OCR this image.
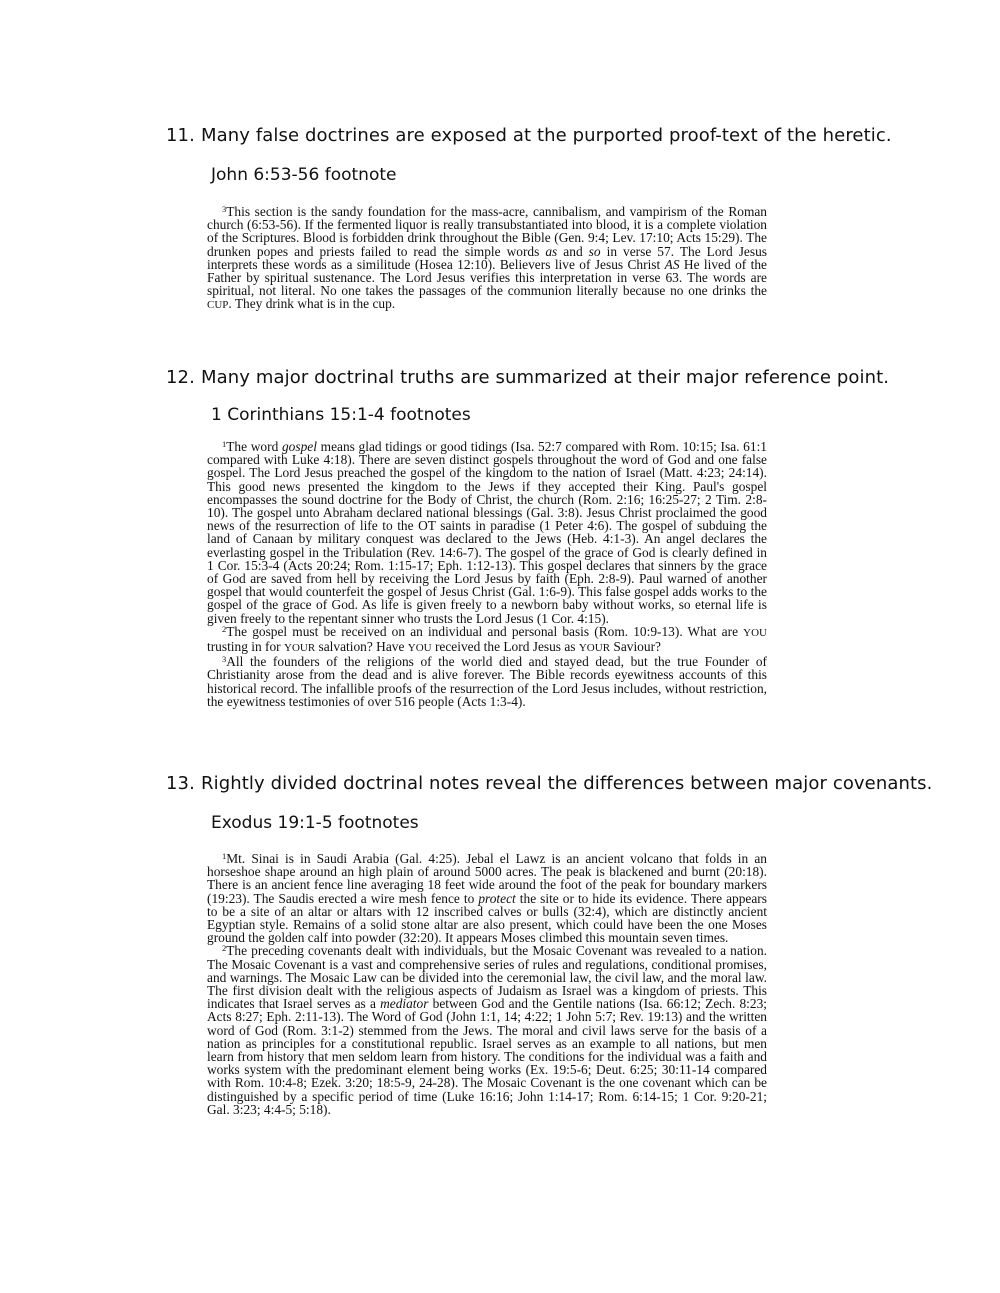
11. Many false doctrines are exposed at the purported proof-text of the heretic.
John 6:53-56 footnote

$^3$This section is the sandy foundation for the mass-acre, cannibalism, and vampirism of the Roman church (6:53-56). If the fermented liquor is really transubstantiated into blood, it is a complete violation of the Scriptures. Blood is forbidden drink throughout the Bible (Gen. 9:4; Lev. 17:10; Acts 15:29). The drunken popes and priests failed to read the simple words as and so in verse 57. The Lord Jesus interprets these words as a similitude (Hosea 12:10). Believers live of Jesus Christ AS He lived of the Father by spiritual sustenance. The Lord Jesus verifies this interpretation in verse 63. The words are spiritual, not literal. No one takes the passages of the communion literally because no one drinks the CUP. They drink what is in the cup.

12. Many major doctrinal truths are summarized at their major reference point.
1 Corinthians 15:1-4 footnotes

$^1$The word gospel means glad tidings or good tidings (Isa. 52:7 compared with Rom. 10:15; Isa. 61:1 compared with Luke 4:18). There are seven distinct gospels throughout the word of God and one false gospel. The Lord Jesus preached the gospel of the kingdom to the nation of Israel (Matt. 4:23; 24:14). This good news presented the kingdom to the Jews if they accepted their King. Paul's gospel encompasses the sound doctrine for the Body of Christ, the church (Rom. 2:16; 16:25-27; 2 Tim. 2:8-10). The gospel unto Abraham declared national blessings (Gal. 3:8). Jesus Christ proclaimed the good news of the resurrection of life to the OT saints in paradise (1 Peter 4:6). The gospel of subduing the land of Canaan by military conquest was declared to the Jews (Heb. 4:1-3). An angel declares the everlasting gospel in the Tribulation (Rev. 14:6-7). The gospel of the grace of God is clearly defined in 1 Cor. 15:3-4 (Acts 20:24; Rom. 1:15-17; Eph. 1:12-13). This gospel declares that sinners by the grace of God are saved from hell by receiving the Lord Jesus by faith (Eph. 2:8-9). Paul warned of another gospel that would counterfeit the gospel of Jesus Christ (Gal. 1:6-9). This false gospel adds works to the gospel of the grace of God. As life is given freely to a newborn baby without works, so eternal life is given freely to the repentant sinner who trusts the Lord Jesus (1 Cor. 4:15).

$^2$The gospel must be received on an individual and personal basis (Rom. 10:9-13). What are YOU trusting in for YOUR salvation? Have YOU received the Lord Jesus as YOUR Saviour?

$^3$All the founders of the religions of the world died and stayed dead, but the true Founder of Christianity arose from the dead and is alive forever. The Bible records eyewitness accounts of this historical record. The infallible proofs of the resurrection of the Lord Jesus includes, without restriction, the eyewitness testimonies of over 516 people (Acts 1:3-4).

13. Rightly divided doctrinal notes reveal the differences between major covenants.
Exodus 19:1-5 footnotes

$^1$Mt. Sinai is in Saudi Arabia (Gal. 4:25). Jebal el Lawz is an ancient volcano that folds in an horseshoe shape around an high plain of around 5000 acres. The peak is blackened and burnt (20:18). There is an ancient fence line averaging 18 feet wide around the foot of the peak for boundary markers (19:23). The Saudis erected a wire mesh fence to protect the site or to hide its evidence. There appears to be a site of an altar or altars with 12 inscribed calves or bulls (32:4), which are distinctly ancient Egyptian style. Remains of a solid stone altar are also present, which could have been the one Moses ground the golden calf into powder (32:20). It appears Moses climbed this mountain seven times.

$^2$The preceding covenants dealt with individuals, but the Mosaic Covenant was revealed to a nation. The Mosaic Covenant is a vast and comprehensive series of rules and regulations, conditional promises, and warnings. The Mosaic Law can be divided into the ceremonial law, the civil law, and the moral law. The first division dealt with the religious aspects of Judaism as Israel was a kingdom of priests. This indicates that Israel serves as a mediator between God and the Gentile nations (Isa. 66:12; Zech. 8:23; Acts 8:27; Eph. 2:11-13). The Word of God (John 1:1, 14; 4:22; 1 John 5:7; Rev. 19:13) and the written word of God (Rom. 3:1-2) stemmed from the Jews. The moral and civil laws serve for the basis of a nation as principles for a constitutional republic. Israel serves as an example to all nations, but men learn from history that men seldom learn from history. The conditions for the individual was a faith and works system with the predominant element being works (Ex. 19:5-6; Deut. 6:25; 30:11-14 compared with Rom. 10:4-8; Ezek. 3:20; 18:5-9, 24-28). The Mosaic Covenant is the one covenant which can be distinguished by a specific period of time (Luke 16:16; John 1:14-17; Rom. 6:14-15; 1 Cor. 9:20-21; Gal. 3:23; 4:4-5; 5:18).
